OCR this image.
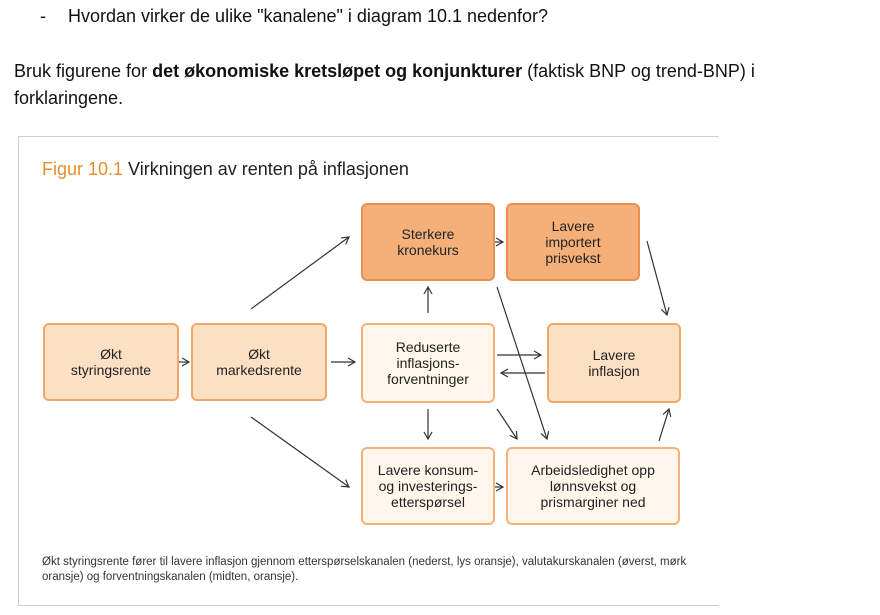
- Hvordan virker de ulike "kanalene" i diagram 10.1 nedenfor?
Bruk figurene for det økonomiske kretsløpet og konjunkturer (faktisk BNP og trend-BNP) i forklaringene.
Figur 10.1 Virkningen av renten på inflasjonen
Økt styringsrente
Økt markedsrente
Sterkere kronekurs
Lavere importert prisvekst
Reduserte inflasjons- forventninger
Lavere inflasjon
Lavere konsum- og investerings- etterspørsel
Arbeidsledighet opp lønnsvekst og prismarginer ned
Økt styringsrente fører til lavere inflasjon gjennom etterspørselskanalen (nederst, lys oransje), valutakurskanalen (øverst, mørk oransje) og forventningskanalen (midten, oransje).
